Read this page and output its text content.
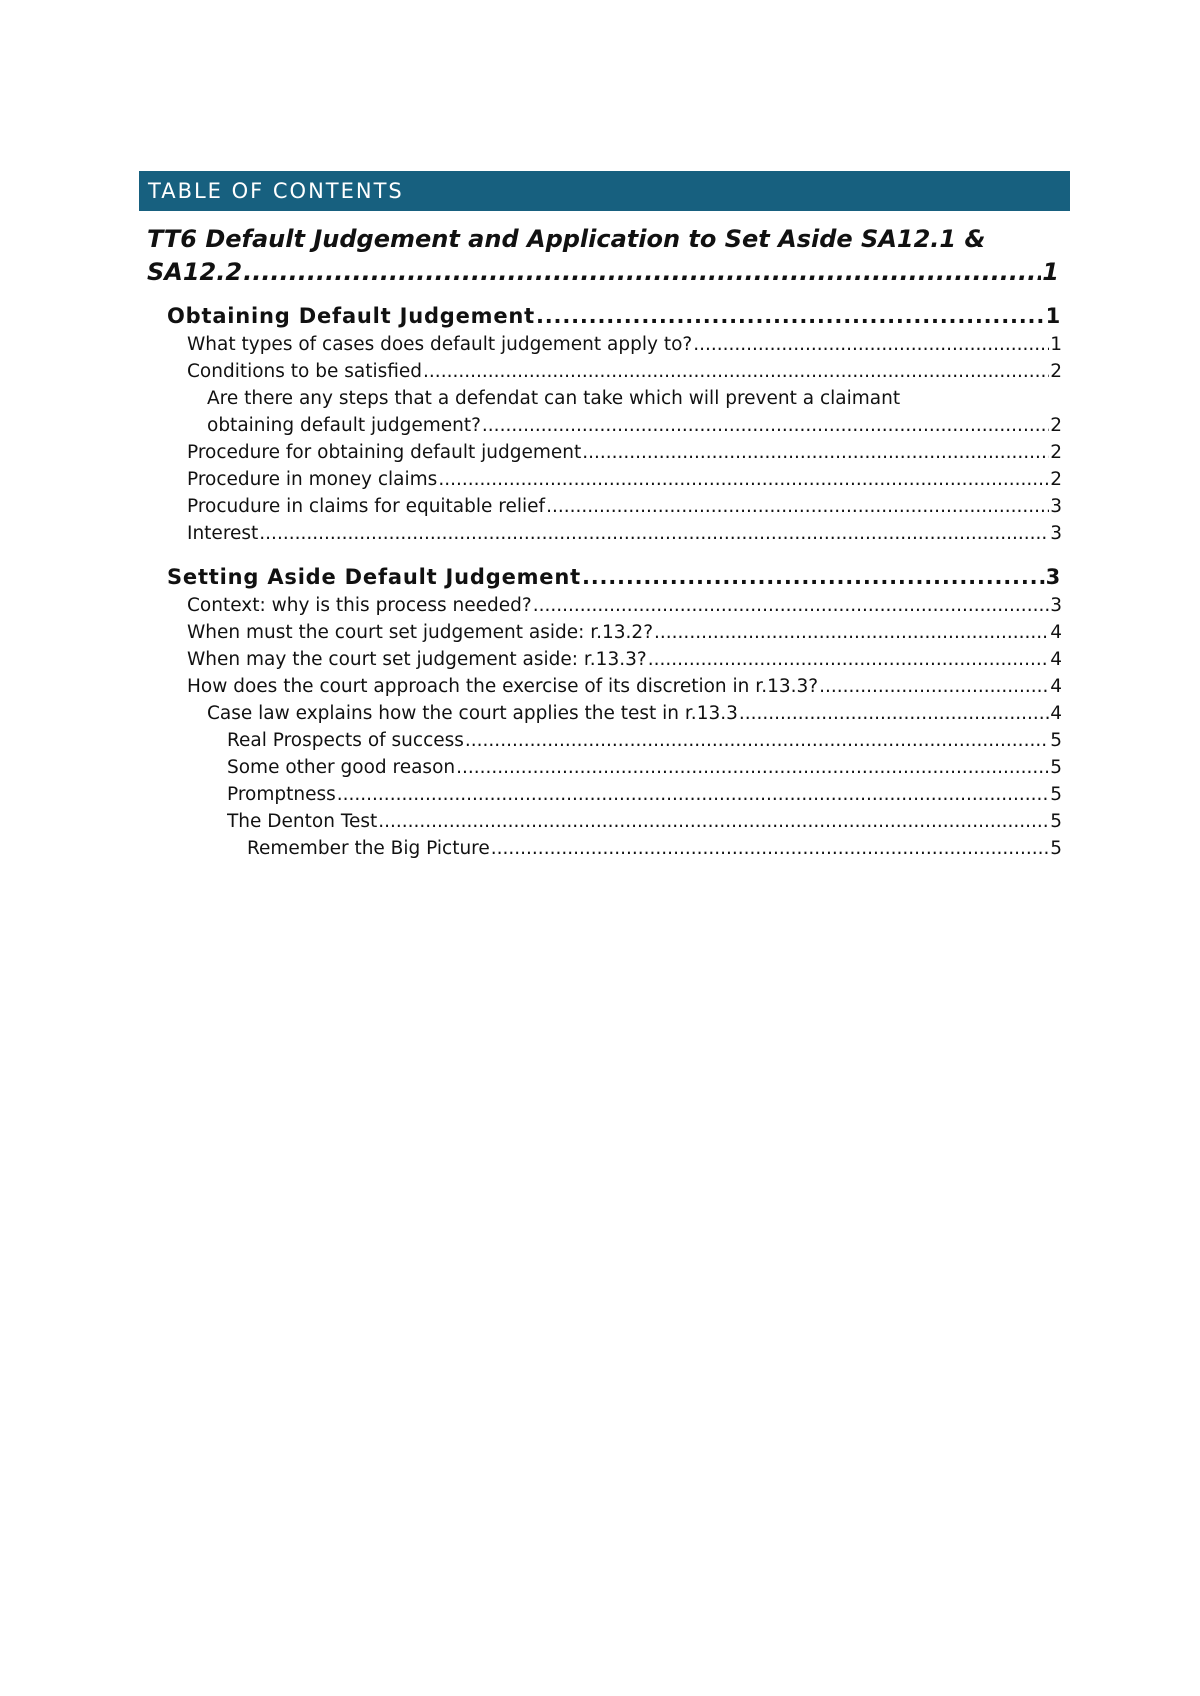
TABLE OF CONTENTS
TT6 Default Judgement and Application to Set Aside SA12.1 &
SA12.2 .....	1
Obtaining Default Judgement .....	1
What types of cases does default judgement apply to? .....	1
Conditions to be satisfied .....	2
Are there any steps that a defendat can take which will prevent a claimant
obtaining default judgement? .....	2
Procedure for obtaining default judgement .....	2
Procedure in money claims .....	2
Procudure in claims for equitable relief .....	3
Interest .....	3
Setting Aside Default Judgement .....	3
Context: why is this process needed? .....	3
When must the court set judgement aside: r.13.2? .....	4
When may the court set judgement aside: r.13.3? .....	4
How does the court approach the exercise of its discretion in r.13.3? .....	4
Case law explains how the court applies the test in r.13.3 .....	4
Real Prospects of success .....	5
Some other good reason .....	5
Promptness .....	5
The Denton Test .....	5
Remember the Big Picture .....	5
